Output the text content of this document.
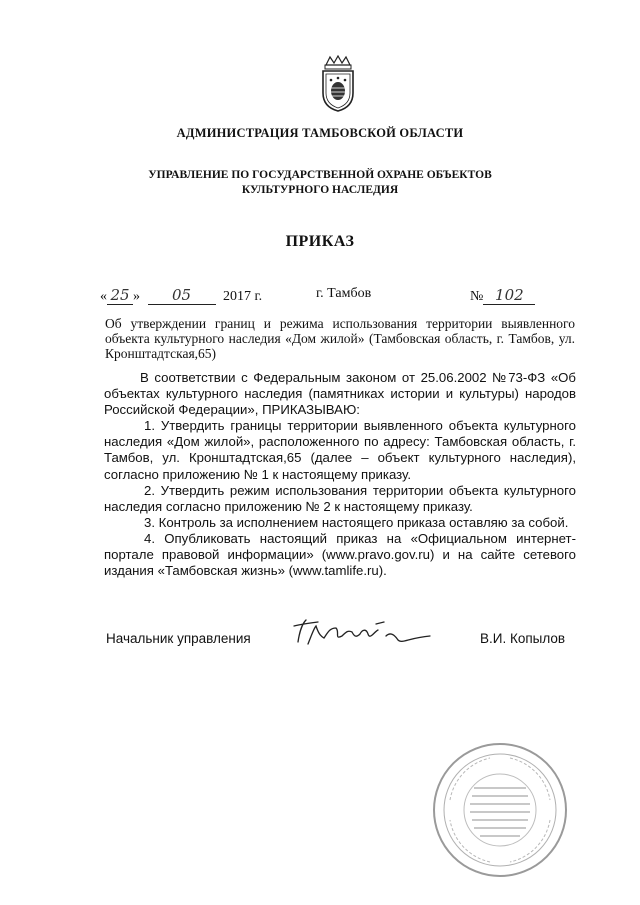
АДМИНИСТРАЦИЯ ТАМБОВСКОЙ ОБЛАСТИ
УПРАВЛЕНИЕ ПО ГОСУДАРСТВЕННОЙ ОХРАНЕ ОБЪЕКТОВ
КУЛЬТУРНОГО НАСЛЕДИЯ
ПРИКАЗ
« 25 » 05 2017 г.	г. Тамбов	№ 102
Об утверждении границ и режима использования территории выявленного объекта культурного наследия «Дом жилой» (Тамбовская область, г. Тамбов, ул. Кронштадтская,65)

В соответствии с Федеральным законом от 25.06.2002 №73-ФЗ «Об объектах культурного наследия (памятниках истории и культуры) народов Российской Федерации», ПРИКАЗЫВАЮ:

1. Утвердить границы территории выявленного объекта культурного наследия «Дом жилой», расположенного по адресу: Тамбовская область, г. Тамбов, ул. Кронштадтская,65 (далее – объект культурного наследия), согласно приложению № 1 к настоящему приказу.

2. Утвердить режим использования территории объекта культурного наследия согласно приложению № 2 к настоящему приказу.

3. Контроль за исполнением настоящего приказа оставляю за собой.

4. Опубликовать настоящий приказ на «Официальном интернет-портале правовой информации» (www.pravo.gov.ru) и на сайте сетевого издания «Тамбовская жизнь» (www.tamlife.ru).

Начальник управления	В.И. Копылов
